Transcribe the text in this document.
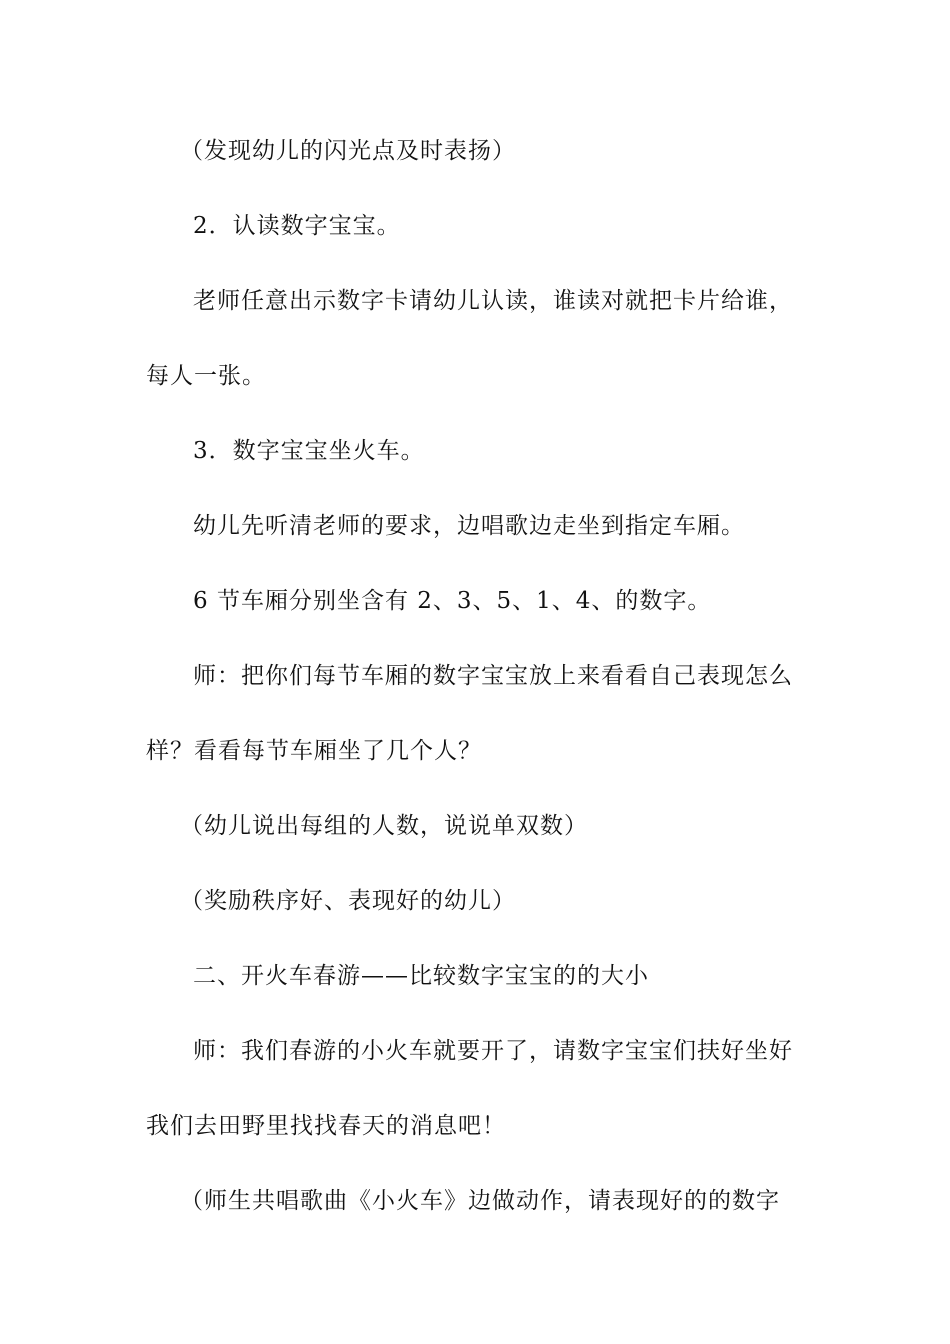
（发现幼儿的闪光点及时表扬）
2．认读数字宝宝。
老师任意出示数字卡请幼儿认读，谁读对就把卡片给谁，
每人一张。
3．数字宝宝坐火车。
幼儿先听清老师的要求，边唱歌边走坐到指定车厢。
6 节车厢分别坐含有 2、3、5、1、4、的数字。
师：把你们每节车厢的数字宝宝放上来看看自己表现怎么
样？看看每节车厢坐了几个人？
（幼儿说出每组的人数，说说单双数）
（奖励秩序好、表现好的幼儿）
二、开火车春游——比较数字宝宝的的大小
师：我们春游的小火车就要开了，请数字宝宝们扶好坐好
我们去田野里找找春天的消息吧！
（师生共唱歌曲《小火车》边做动作，请表现好的的数字
